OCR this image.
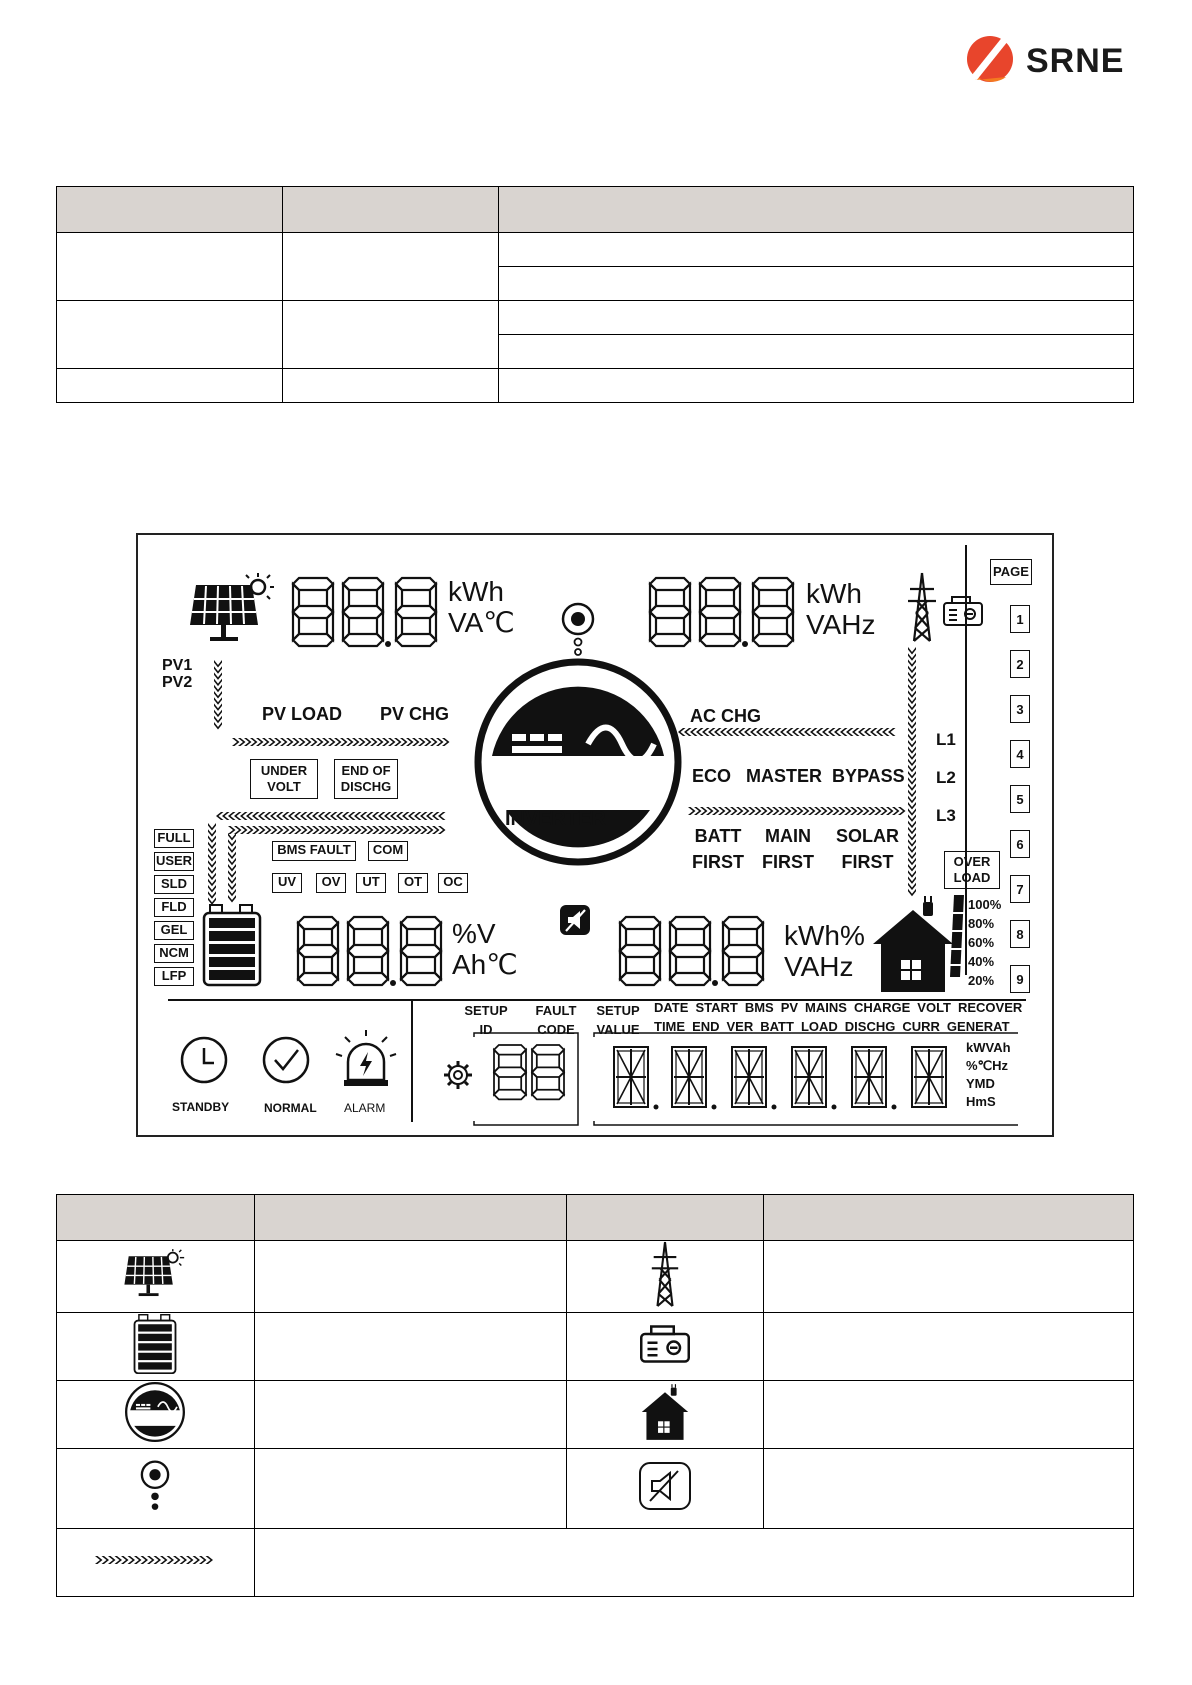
SRNE

PV1
PV2
kWh
VA℃
kWh
VAHz
%V
Ah℃
kWh%
VAHz
PV LOAD PV CHG	AC CHG
INVERTER
ECO MASTER BYPASS
BATT
FIRST
MAIN
FIRST
SOLAR
FIRST
L1
L2
L3
UNDER
VOLT
END OF
DISCHG
FULL
USER
SLD
FLD
GEL
NCM
LFP
BMS FAULT	COM
UV	OV	UT	OT	OC
PAGE
1
2
3
4
5
6
7
8
9
OVER
LOAD
100%
80%
60%
40%
20%
STANDBY	NORMAL ALARM
SETUP
ID
FAULT
CODE
SETUP
VALUE
DATE START BMS PV MAINS CHARGE VOLT RECOVER
TIME END VER BATT LOAD DISCHG CURR GENERAT
kWVAh
%℃Hz
YMD
HmS
